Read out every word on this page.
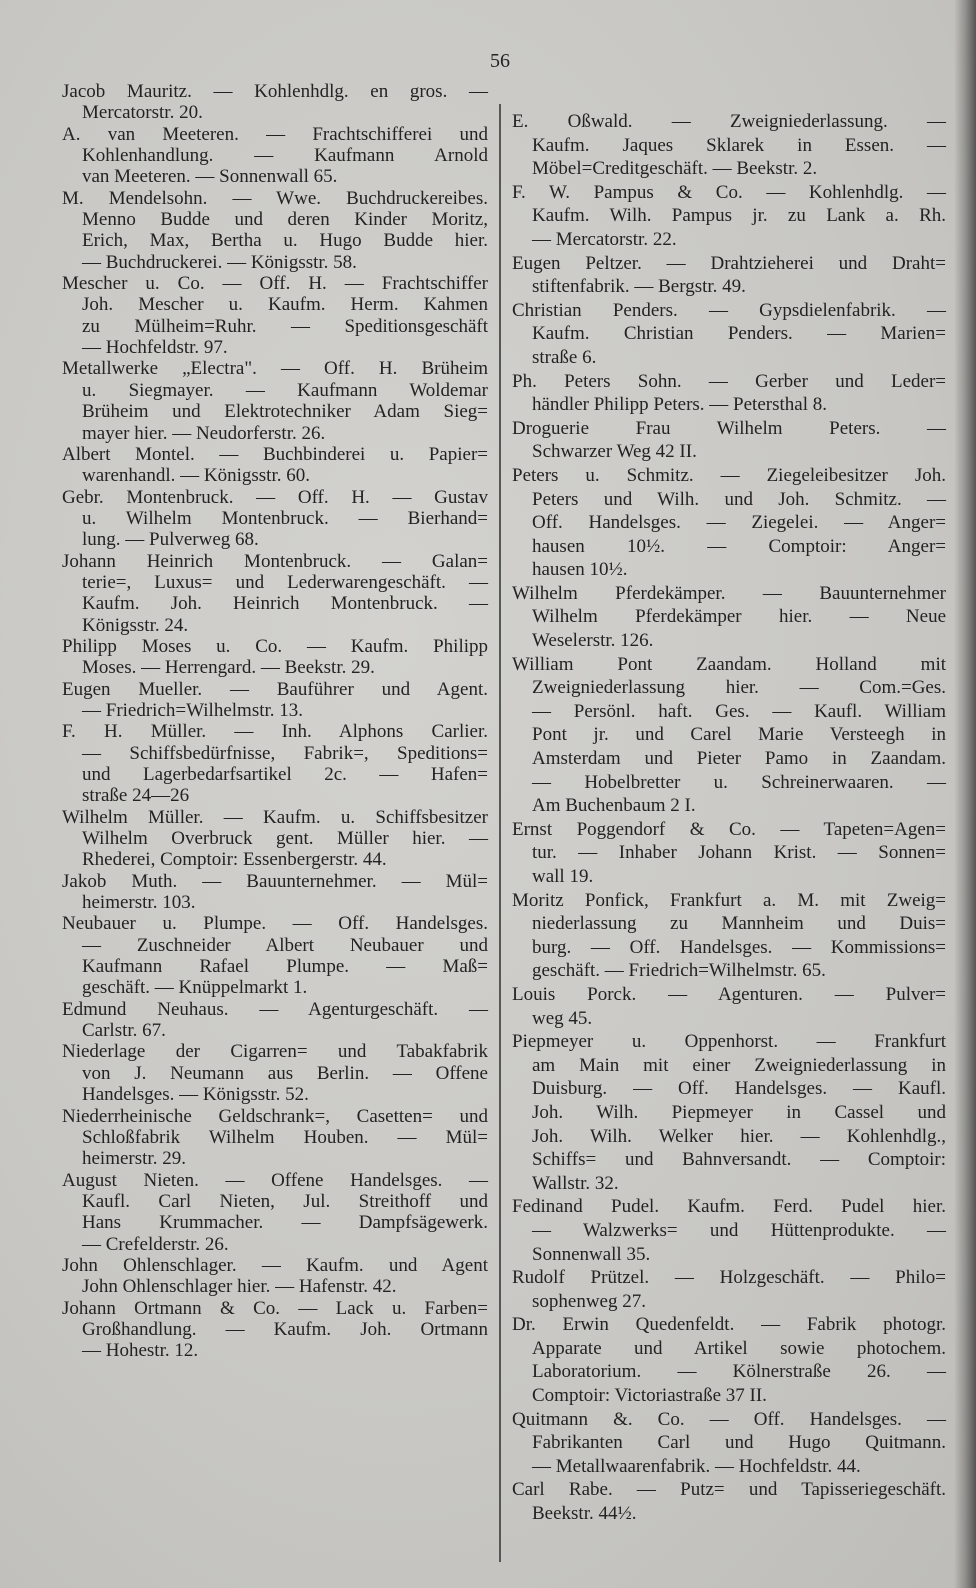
56
Jacob Mauritz. — Kohlenhdlg. en gros. —
Mercatorstr. 20.
A. van Meeteren. — Frachtschifferei und
Kohlenhandlung. — Kaufmann Arnold
van Meeteren. — Sonnenwall 65.
M. Mendelsohn. — Wwe. Buchdruckereibes.
Menno Budde und deren Kinder Moritz,
Erich, Max, Bertha u. Hugo Budde hier.
— Buchdruckerei. — Königsstr. 58.
Mescher u. Co. — Off. H. — Frachtschiffer
Joh. Mescher u. Kaufm. Herm. Kahmen
zu Mülheim=Ruhr. — Speditionsgeschäft
— Hochfeldstr. 97.
Metallwerke „Electra". — Off. H. Brüheim
u. Siegmayer. — Kaufmann Woldemar
Brüheim und Elektrotechniker Adam Sieg=
mayer hier. — Neudorferstr. 26.
Albert Montel. — Buchbinderei u. Papier=
warenhandl. — Königsstr. 60.
Gebr. Montenbruck. — Off. H. — Gustav
u. Wilhelm Montenbruck. — Bierhand=
lung. — Pulverweg 68.
Johann Heinrich Montenbruck. — Galan=
terie=, Luxus= und Lederwarengeschäft. —
Kaufm. Joh. Heinrich Montenbruck. —
Königsstr. 24.
Philipp Moses u. Co. — Kaufm. Philipp
Moses. — Herrengard. — Beekstr. 29.
Eugen Mueller. — Bauführer und Agent.
— Friedrich=Wilhelmstr. 13.
F. H. Müller. — Inh. Alphons Carlier.
— Schiffsbedürfnisse, Fabrik=, Speditions=
und Lagerbedarfsartikel 2c. — Hafen=
straße 24—26
Wilhelm Müller. — Kaufm. u. Schiffsbesitzer
Wilhelm Overbruck gent. Müller hier. —
Rhederei, Comptoir: Essenbergerstr. 44.
Jakob Muth. — Bauunternehmer. — Mül=
heimerstr. 103.
Neubauer u. Plumpe. — Off. Handelsges.
— Zuschneider Albert Neubauer und
Kaufmann Rafael Plumpe. — Maß=
geschäft. — Knüppelmarkt 1.
Edmund Neuhaus. — Agenturgeschäft. —
Carlstr. 67.
Niederlage der Cigarren= und Tabakfabrik
von J. Neumann aus Berlin. — Offene
Handelsges. — Königsstr. 52.
Niederrheinische Geldschrank=, Casetten= und
Schloßfabrik Wilhelm Houben. — Mül=
heimerstr. 29.
August Nieten. — Offene Handelsges. —
Kaufl. Carl Nieten, Jul. Streithoff und
Hans Krummacher. — Dampfsägewerk.
— Crefelderstr. 26.
John Ohlenschlager. — Kaufm. und Agent
John Ohlenschlager hier. — Hafenstr. 42.
Johann Ortmann & Co. — Lack u. Farben=
Großhandlung. — Kaufm. Joh. Ortmann
— Hohestr. 12.
E. Oßwald. — Zweigniederlassung. —
Kaufm. Jaques Sklarek in Essen. —
Möbel=Creditgeschäft. — Beekstr. 2.
F. W. Pampus & Co. — Kohlenhdlg. —
Kaufm. Wilh. Pampus jr. zu Lank a. Rh.
— Mercatorstr. 22.
Eugen Peltzer. — Drahtzieherei und Draht=
stiftenfabrik. — Bergstr. 49.
Christian Penders. — Gypsdielenfabrik. —
Kaufm. Christian Penders. — Marien=
straße 6.
Ph. Peters Sohn. — Gerber und Leder=
händler Philipp Peters. — Petersthal 8.
Droguerie Frau Wilhelm Peters. —
Schwarzer Weg 42 II.
Peters u. Schmitz. — Ziegeleibesitzer Joh.
Peters und Wilh. und Joh. Schmitz. —
Off. Handelsges. — Ziegelei. — Anger=
hausen 10½. — Comptoir: Anger=
hausen 10½.
Wilhelm Pferdekämper. — Bauunternehmer
Wilhelm Pferdekämper hier. — Neue
Weselerstr. 126.
William Pont Zaandam. Holland mit
Zweigniederlassung hier. — Com.=Ges.
— Persönl. haft. Ges. — Kaufl. William
Pont jr. und Carel Marie Versteegh in
Amsterdam und Pieter Pamo in Zaandam.
— Hobelbretter u. Schreinerwaaren. —
Am Buchenbaum 2 I.
Ernst Poggendorf & Co. — Tapeten=Agen=
tur. — Inhaber Johann Krist. — Sonnen=
wall 19.
Moritz Ponfick, Frankfurt a. M. mit Zweig=
niederlassung zu Mannheim und Duis=
burg. — Off. Handelsges. — Kommissions=
geschäft. — Friedrich=Wilhelmstr. 65.
Louis Porck. — Agenturen. — Pulver=
weg 45.
Piepmeyer u. Oppenhorst. — Frankfurt
am Main mit einer Zweigniederlassung in
Duisburg. — Off. Handelsges. — Kaufl.
Joh. Wilh. Piepmeyer in Cassel und
Joh. Wilh. Welker hier. — Kohlenhdlg.,
Schiffs= und Bahnversandt. — Comptoir:
Wallstr. 32.
Fedinand Pudel. Kaufm. Ferd. Pudel hier.
— Walzwerks= und Hüttenprodukte. —
Sonnenwall 35.
Rudolf Prützel. — Holzgeschäft. — Philo=
sophenweg 27.
Dr. Erwin Quedenfeldt. — Fabrik photogr.
Apparate und Artikel sowie photochem.
Laboratorium. — Kölnerstraße 26. —
Comptoir: Victoriastraße 37 II.
Quitmann &. Co. — Off. Handelsges. —
Fabrikanten Carl und Hugo Quitmann.
— Metallwaarenfabrik. — Hochfeldstr. 44.
Carl Rabe. — Putz= und Tapisseriegeschäft.
Beekstr. 44½.
